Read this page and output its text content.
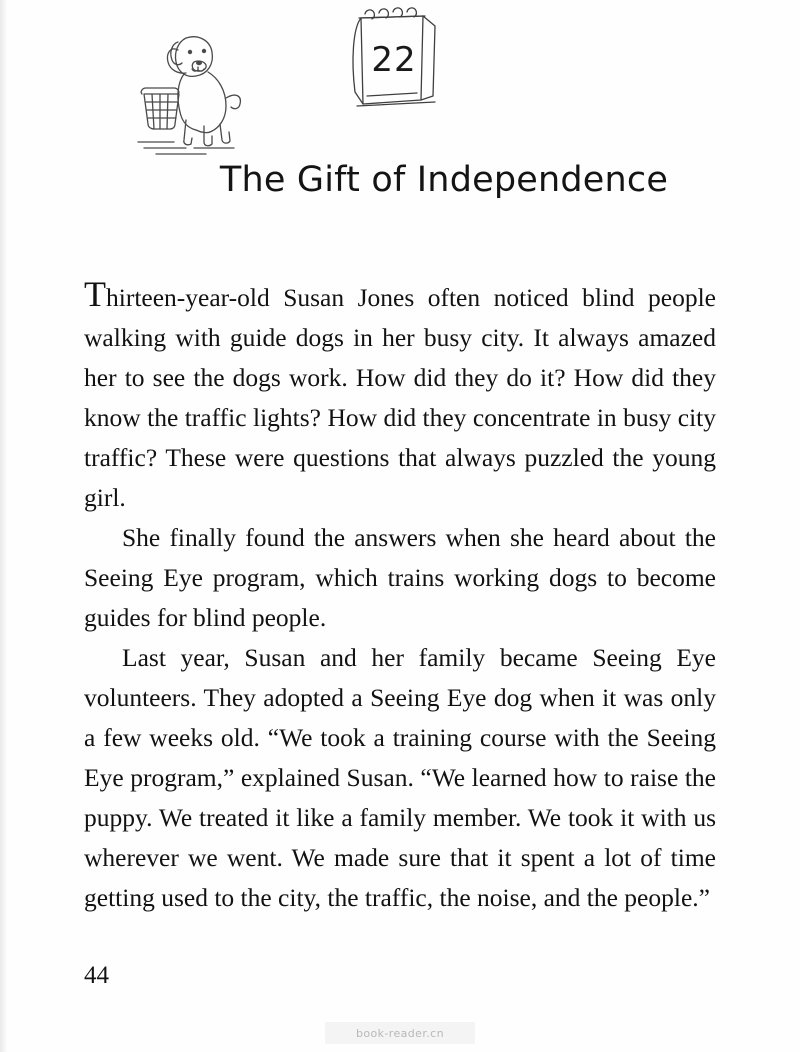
22
The Gift of Independence

Thirteen-year-old Susan Jones often noticed blind people walking with guide dogs in her busy city. It always amazed her to see the dogs work. How did they do it? How did they know the traffic lights? How did they concentrate in busy city traffic? These were questions that always puzzled the young girl.

She finally found the answers when she heard about the Seeing Eye program, which trains working dogs to become guides for blind people.

Last year, Susan and her family became Seeing Eye volunteers. They adopted a Seeing Eye dog when it was only a few weeks old. “We took a training course with the Seeing Eye program,” explained Susan. “We learned how to raise the puppy. We treated it like a family member. We took it with us wherever we went. We made sure that it spent a lot of time getting used to the city, the traffic, the noise, and the people.”

44
book-reader.cn
